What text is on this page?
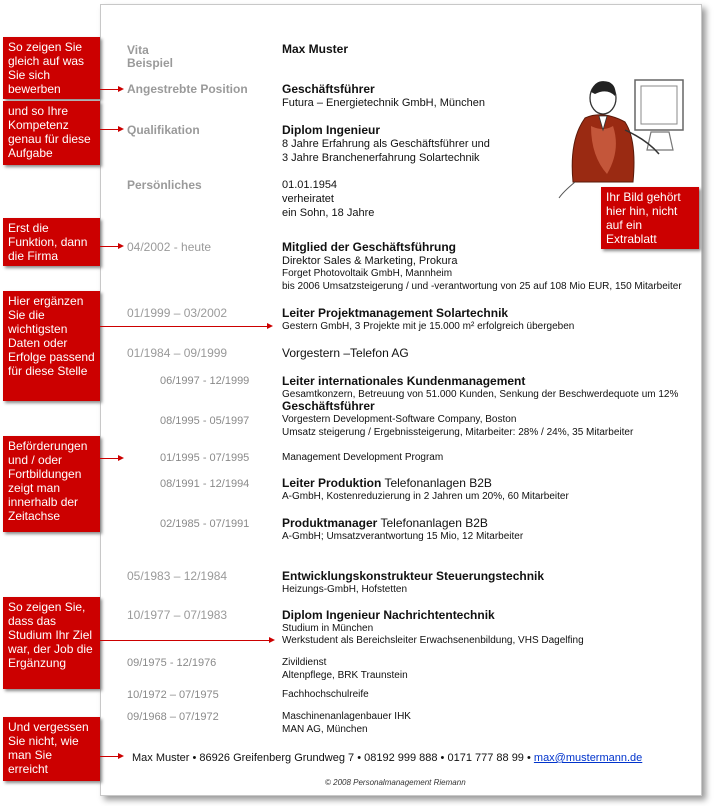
Vita
Beispiel
Max Muster
Angestrebte Position	Geschäftsführer
Futura – Energietechnik GmbH, München
Qualifikation	Diplom Ingenieur
8 Jahre Erfahrung als Geschäftsführer und
3 Jahre Branchenerfahrung Solartechnik
Persönliches	01.01.1954
verheiratet
ein Sohn, 18 Jahre
04/2002 - heute	Mitglied der Geschäftsführung
Direktor Sales & Marketing, Prokura
Forget Photovoltaik GmbH, Mannheim
bis 2006 Umsatzsteigerung / und -verantwortung von 25 auf 108 Mio EUR, 150 Mitarbeiter
01/1999 – 03/2002	Leiter Projektmanagement Solartechnik
Gestern GmbH, 3 Projekte mit je 15.000 m² erfolgreich übergeben
01/1984 – 09/1999	Vorgestern –Telefon AG
06/1997 - 12/1999	Leiter internationales Kundenmanagement
Gesamtkonzern, Betreuung von 51.000 Kunden, Senkung der Beschwerdequote um 12%
Geschäftsführer
08/1995 - 05/1997	Vorgestern Development-Software Company, Boston
Umsatz steigerung / Ergebnissteigerung, Mitarbeiter: 28% / 24%, 35 Mitarbeiter
01/1995 - 07/1995	Management Development Program
08/1991 - 12/1994	Leiter Produktion Telefonanlagen B2B
A-GmbH, Kostenreduzierung in 2 Jahren um 20%, 60 Mitarbeiter
02/1985 - 07/1991	Produktmanager Telefonanlagen B2B
A-GmbH; Umsatzverantwortung 15 Mio, 12 Mitarbeiter
05/1983 – 12/1984	Entwicklungskonstrukteur Steuerungstechnik
Heizungs-GmbH, Hofstetten
10/1977 – 07/1983	Diplom Ingenieur Nachrichtentechnik
Studium in München
Werkstudent als Bereichsleiter Erwachsenenbildung, VHS Dagelfing
09/1975 - 12/1976	Zivildienst
Altenpflege, BRK Traunstein
10/1972 – 07/1975	Fachhochschulreife
09/1968 – 07/1972	Maschinenanlagenbauer IHK
MAN AG, München
Max Muster • 86926 Greifenberg Grundweg 7 • 08192 999 888 • 0171 777 88 99 • max@mustermann.de
© 2008 Personalmanagement Riemann
So zeigen Sie gleich auf was Sie sich bewerben
und so Ihre Kompetenz genau für diese Aufgabe
Erst die Funktion, dann die Firma
Hier ergänzen Sie die wichtigsten Daten oder Erfolge passend für diese Stelle
Beförderungen und / oder Fortbildungen zeigt man innerhalb der Zeitachse
So zeigen Sie, dass das Studium Ihr Ziel war, der Job die Ergänzung
Und vergessen Sie nicht, wie man Sie erreicht
Ihr Bild gehört hier hin, nicht auf ein Extrablatt
